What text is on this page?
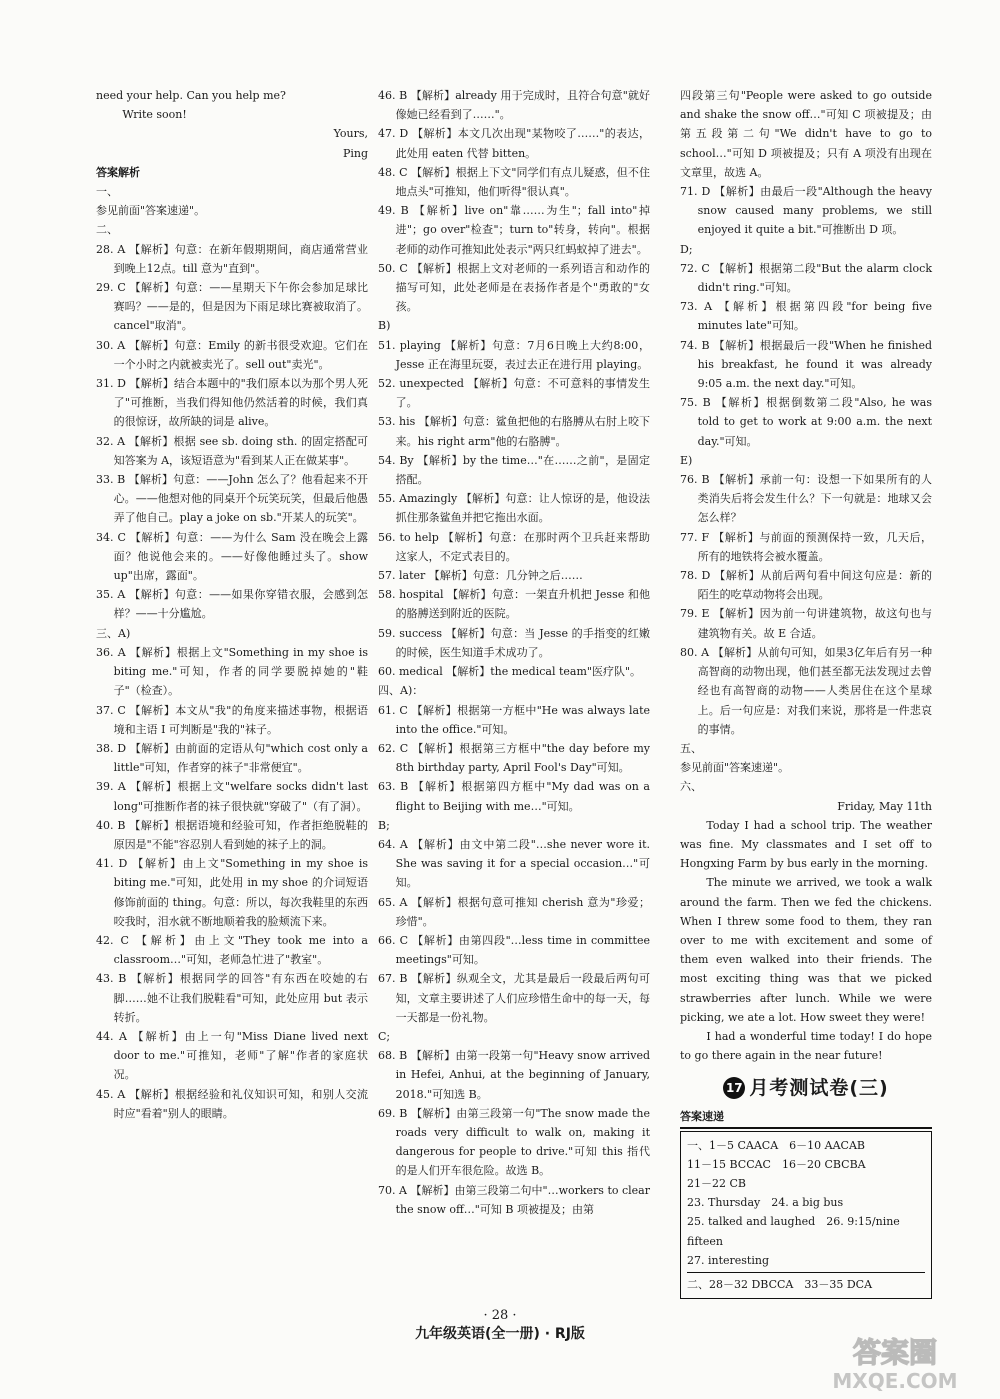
need your help. Can you help me?

Write soon!

Yours,

Ping

答案解析

一、

参见前面"答案速递"。

二、

28. A 【解析】句意：在新年假期期间，商店通常营业到晚上12点。till 意为"直到"。

29. C 【解析】句意：——星期天下午你会参加足球比赛吗？——是的，但是因为下雨足球比赛被取消了。cancel"取消"。

30. A 【解析】句意：Emily 的新书很受欢迎。它们在一个小时之内就被卖光了。sell out"卖光"。

31. D 【解析】结合本题中的"我们原本以为那个男人死了"可推断，当我们得知他仍然活着的时候，我们真的很惊讶，故所缺的词是 alive。

32. A 【解析】根据 see sb. doing sth. 的固定搭配可知答案为 A，该短语意为"看到某人正在做某事"。

33. B 【解析】句意：——John 怎么了？他看起来不开心。——他想对他的同桌开个玩笑玩笑，但最后他愚弄了他自己。play a joke on sb."开某人的玩笑"。

34. C 【解析】句意：——为什么 Sam 没在晚会上露面？他说他会来的。——好像他睡过头了。show up"出席，露面"。

35. A 【解析】句意：——如果你穿错衣服，会感到怎样？——十分尴尬。

三、A)

36. A 【解析】根据上文"Something in my shoe is biting me."可知，作者的同学要脱掉她的"鞋子"（检查）。

37. C 【解析】本文从"我"的角度来描述事物，根据语境和主语 I 可判断是"我的"袜子。

38. D 【解析】由前面的定语从句"which cost only a little"可知，作者穿的袜子"非常便宜"。

39. A 【解析】根据上文"welfare socks didn't last long"可推断作者的袜子很快就"穿破了"（有了洞）。

40. B 【解析】根据语境和经验可知，作者拒绝脱鞋的原因是"不能"容忍别人看到她的袜子上的洞。

41. D 【解析】由上文"Something in my shoe is biting me."可知，此处用 in my shoe 的介词短语修饰前面的 thing。句意：所以，每次我鞋里的东西咬我时，泪水就不断地顺着我的脸颊流下来。

42. C 【解析】由上文"They took me into a classroom…"可知，老师急忙进了"教室"。

43. B 【解析】根据同学的回答"有东西在咬她的右脚……她不让我们脱鞋看"可知，此处应用 but 表示转折。

44. A 【解析】由上一句"Miss Diane lived next door to me."可推知，老师"了解"作者的家庭状况。

45. A 【解析】根据经验和礼仪知识可知，和别人交流时应"看着"别人的眼睛。

46. B 【解析】already 用于完成时，且符合句意"就好像她已经看到了……"。

47. D 【解析】本文几次出现"某物咬了……"的表达，此处用 eaten 代替 bitten。

48. C 【解析】根据上下文"同学们有点儿疑惑，但不住地点头"可推知，他们听得"很认真"。

49. B 【解析】live on"靠……为生"；fall into"掉进"；go over"检查"；turn to"转身，转向"。根据老师的动作可推知此处表示"两只红蚂蚁掉了进去"。

50. C 【解析】根据上文对老师的一系列语言和动作的描写可知，此处老师是在表扬作者是个"勇敢的"女孩。

B)

51. playing 【解析】句意：7月6日晚上大约8:00，Jesse 正在海里玩耍，表过去正在进行用 playing。

52. unexpected 【解析】句意：不可意料的事情发生了。

53. his 【解析】句意：鲨鱼把他的右胳膊从右肘上咬下来。his right arm"他的右胳膊"。

54. By 【解析】by the time…"在……之前"，是固定搭配。

55. Amazingly 【解析】句意：让人惊讶的是，他设法抓住那条鲨鱼并把它拖出水面。

56. to help 【解析】句意：在那时两个卫兵赶来帮助这家人，不定式表目的。

57. later 【解析】句意：几分钟之后……

58. hospital 【解析】句意：一架直升机把 Jesse 和他的胳膊送到附近的医院。

59. success 【解析】句意：当 Jesse 的手指变的红嫩的时候，医生知道手术成功了。

60. medical 【解析】the medical team"医疗队"。

四、A)：

61. C 【解析】根据第一方框中"He was always late into the office."可知。

62. C 【解析】根据第三方框中"the day before my 8th birthday party, April Fool's Day"可知。

63. B 【解析】根据第四方框中"My dad was on a flight to Beijing with me…"可知。

B;

64. A 【解析】由文中第二段"…she never wore it. She was saving it for a special occasion…"可知。

65. A 【解析】根据句意可推知 cherish 意为"珍爱；珍惜"。

66. C 【解析】由第四段"…less time in committee meetings"可知。

67. B 【解析】纵观全文，尤其是最后一段最后两句可知，文章主要讲述了人们应珍惜生命中的每一天，每一天都是一份礼物。

C;

68. B 【解析】由第一段第一句"Heavy snow arrived in Hefei, Anhui, at the beginning of January, 2018."可知选 B。

69. B 【解析】由第三段第一句"The snow made the roads very difficult to walk on, making it dangerous for people to drive."可知 this 指代的是人们开车很危险。故选 B。

70. A 【解析】由第三段第二句中"…workers to clear the snow off…"可知 B 项被提及；由第

四段第三句"People were asked to go outside and shake the snow off…"可知 C 项被提及；由第五段第二句"We didn't have to go to school…"可知 D 项被提及；只有 A 项没有出现在文章里，故选 A。

71. D 【解析】由最后一段"Although the heavy snow caused many problems, we still enjoyed it quite a bit."可推断出 D 项。

D;

72. C 【解析】根据第二段"But the alarm clock didn't ring."可知。

73. A 【解析】根据第四段"for being five minutes late"可知。

74. B 【解析】根据最后一段"When he finished his breakfast, he found it was already 9:05 a.m. the next day."可知。

75. B 【解析】根据倒数第二段"Also, he was told to get to work at 9:00 a.m. the next day."可知。

E)

76. B 【解析】承前一句：设想一下如果所有的人类消失后将会发生什么？下一句就是：地球又会怎么样？

77. F 【解析】与前面的预测保持一致，几天后，所有的地铁将会被水覆盖。

78. D 【解析】从前后两句看中间这句应是：新的陌生的吃草动物将会出现。

79. E 【解析】因为前一句讲建筑物，故这句也与建筑物有关。故 E 合适。

80. A 【解析】从前句可知，如果3亿年后有另一种高智商的动物出现，他们甚至都无法发现过去曾经也有高智商的动物——人类居住在这个星球上。后一句应是：对我们来说，那将是一件悲哀的事情。

五、

参见前面"答案速递"。

六、

Friday, May 11th

Today I had a school trip. The weather was fine. My classmates and I set off to Hongxing Farm by bus early in the morning.

The minute we arrived, we took a walk around the farm. Then we fed the chickens. When I threw some food to them, they ran over to me with excitement and some of them even walked into their friends. The most exciting thing was that we picked strawberries after lunch. While we were picking, we ate a lot. How sweet they were!

I had a wonderful time today! I do hope to go there again in the near future!

17 月考测试卷(三)
答案速递
一、1－5 CAACA　6－10 AACAB
11－15 BCCAC　16－20 CBCBA
21－22 CB
23. Thursday　24. a big bus
25. talked and laughed　26. 9:15/nine fifteen
27. interesting
二、28－32 DBCCA　33－35 DCA
· 28 ·
九年级英语(全一册) · RJ版
答案圈
MXQE.COM
